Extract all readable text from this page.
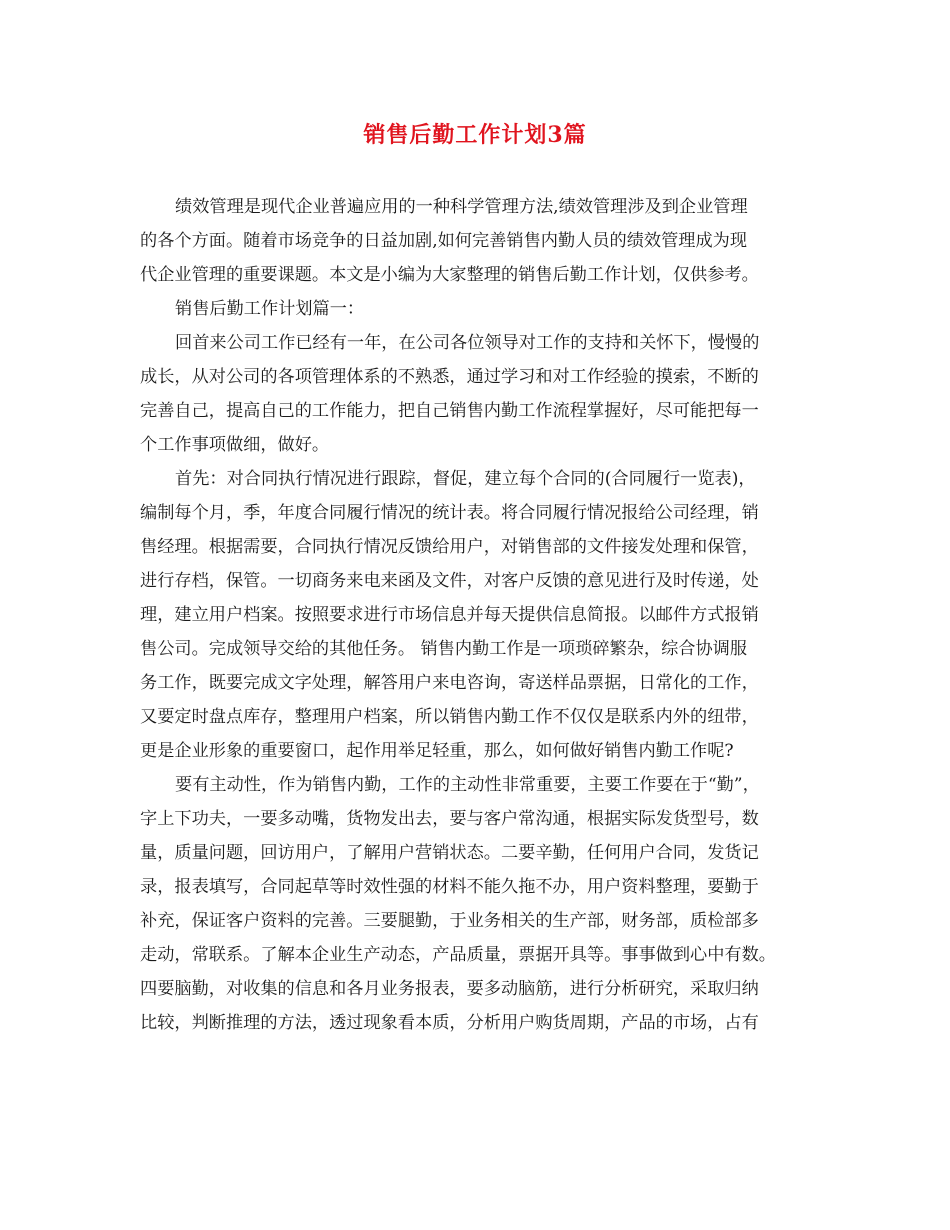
销售后勤工作计划3篇
绩效管理是现代企业普遍应用的一种科学管理方法,绩效管理涉及到企业管理
的各个方面。随着市场竞争的日益加剧,如何完善销售内勤人员的绩效管理成为现
代企业管理的重要课题。本文是小编为大家整理的销售后勤工作计划，仅供参考。
销售后勤工作计划篇一：
回首来公司工作已经有一年，在公司各位领导对工作的支持和关怀下，慢慢的
成长，从对公司的各项管理体系的不熟悉，通过学习和对工作经验的摸索，不断的
完善自己，提高自己的工作能力，把自己销售内勤工作流程掌握好，尽可能把每一
个工作事项做细，做好。
首先：对合同执行情况进行跟踪，督促，建立每个合同的(合同履行一览表)，
编制每个月，季，年度合同履行情况的统计表。将合同履行情况报给公司经理，销
售经理。根据需要，合同执行情况反馈给用户，对销售部的文件接发处理和保管，
进行存档，保管。一切商务来电来函及文件，对客户反馈的意见进行及时传递，处
理，建立用户档案。按照要求进行市场信息并每天提供信息简报。以邮件方式报销
售公司。完成领导交给的其他任务。 销售内勤工作是一项琐碎繁杂，综合协调服
务工作，既要完成文字处理，解答用户来电咨询，寄送样品票据，日常化的工作，
又要定时盘点库存，整理用户档案，所以销售内勤工作不仅仅是联系内外的纽带，
更是企业形象的重要窗口，起作用举足轻重，那么，如何做好销售内勤工作呢?
要有主动性，作为销售内勤，工作的主动性非常重要，主要工作要在于“勤”，
字上下功夫，一要多动嘴，货物发出去，要与客户常沟通，根据实际发货型号，数
量，质量问题，回访用户，了解用户营销状态。二要辛勤，任何用户合同，发货记
录，报表填写，合同起草等时效性强的材料不能久拖不办，用户资料整理，要勤于
补充，保证客户资料的完善。三要腿勤，于业务相关的生产部，财务部，质检部多
走动，常联系。了解本企业生产动态，产品质量，票据开具等。事事做到心中有数。
四要脑勤，对收集的信息和各月业务报表，要多动脑筋，进行分析研究，采取归纳
比较，判断推理的方法，透过现象看本质，分析用户购货周期，产品的市场，占有
